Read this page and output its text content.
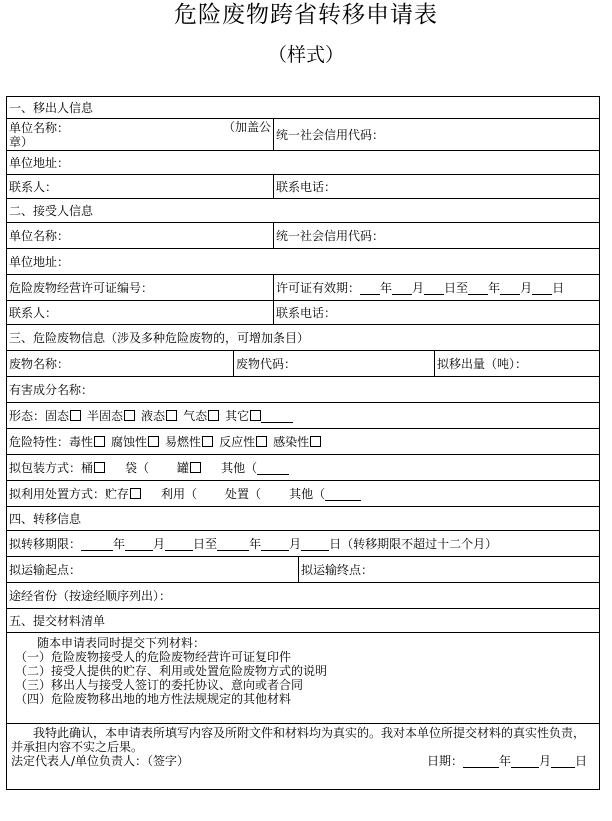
危险废物跨省转移申请表
（样式）
一、移出人信息				

单位名称： （加盖公
章）		统一社会信用代码：		
单位地址：				
联系人：		联系电话：		
二、接受人信息				
单位名称：		统一社会信用代码：		
单位地址：				
危险废物经营许可证编号：		许可证有效期： 年 月 日至 年 月 日		
联系人：		联系电话：		
三、危险废物信息（涉及多种危险废物的，可增加条目）				
废物名称：	废物代码：			拟移出量（吨）：
有害成分名称：				
形态：固态 半固态 液态 气态 其它				
危险特性：毒性 腐蚀性 易燃性 反应性 感染性				
拟包装方式：桶 袋（ 罐 其他（				
拟利用处置方式：贮存 利用（ 处置（ 其他（				
四、转移信息				
拟转移期限： 年 月 日至 年 月 日（转移期限不超过十二个月）				
拟运输起点：			拟运输终点：	
途经省份（按途经顺序列出）：				
五、提交材料清单				

随本申请表同时提交下列材料：
（一）危险废物接受人的危险废物经营许可证复印件
（二）接受人提供的贮存、利用或处置危险废物方式的说明
（三）移出人与接受人签订的委托协议、意向或者合同
（四）危险废物移出地的地方性法规规定的其他材料				

我特此确认，本申请表所填写内容及所附文件和材料均为真实的。我对本单位所提交材料的真实性负责，并承担内容不实之后果。
法定代表人/单位负责人：（签字） 日期： 年 月 日				
